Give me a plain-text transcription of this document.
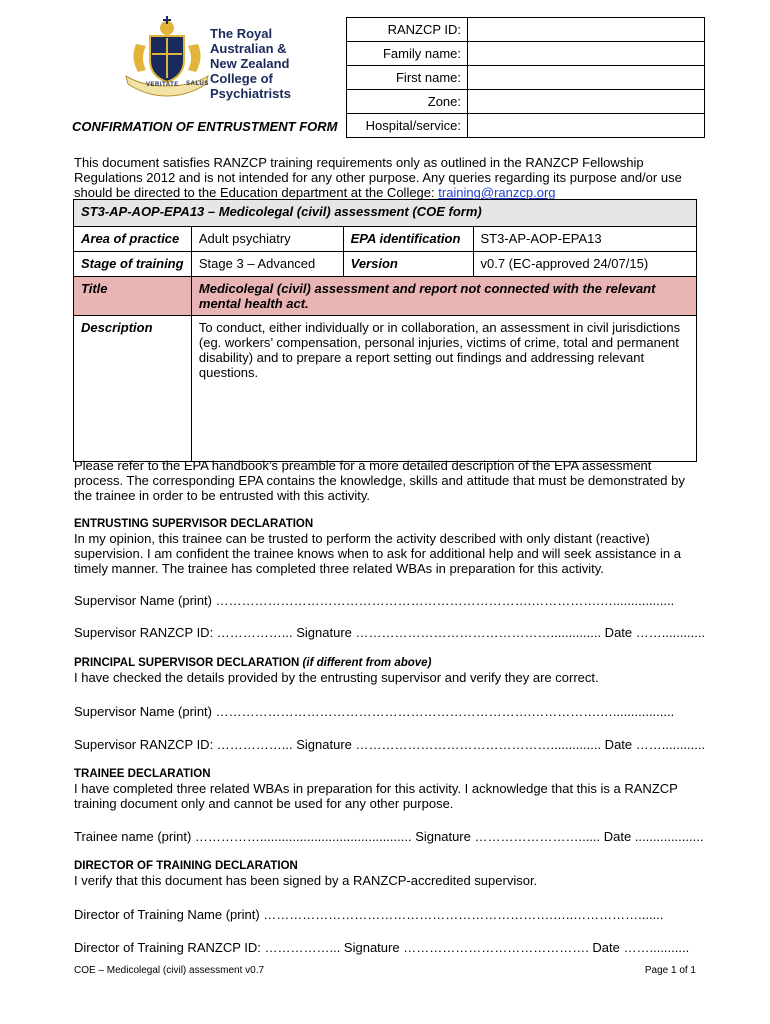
VERITATE SALUS
The Royal
Australian &
New Zealand
College of
Psychiatrists
RANZCP ID:	
Family name:	
First name:	
Zone:	
Hospital/service:	
CONFIRMATION OF ENTRUSTMENT FORM
This document satisfies RANZCP training requirements only as outlined in the RANZCP Fellowship Regulations 2012 and is not intended for any other purpose. Any queries regarding its purpose and/or use should be directed to the Education department at the College: training@ranzcp.org
ST3-AP-AOP-EPA13 – Medicolegal (civil) assessment (COE form)			
Area of practice	Adult psychiatry	EPA identification	ST3-AP-AOP-EPA13
Stage of training	Stage 3 – Advanced	Version	v0.7 (EC-approved 24/07/15)
Title	Medicolegal (civil) assessment and report not connected with the relevant mental health act.		
Description	To conduct, either individually or in collaboration, an assessment in civil jurisdictions (eg. workers’ compensation, personal injuries, victims of crime, total and permanent disability) and to prepare a report setting out findings and addressing relevant questions.		
Please refer to the EPA handbook’s preamble for a more detailed description of the EPA assessment process. The corresponding EPA contains the knowledge, skills and attitude that must be demonstrated by the trainee in order to be entrusted with this activity.
ENTRUSTING SUPERVISOR DECLARATION
In my opinion, this trainee can be trusted to perform the activity described with only distant (reactive) supervision. I am confident the trainee knows when to ask for additional help and will seek assistance in a timely manner. The trainee has completed three related WBAs in preparation for this activity.
Supervisor Name (print) ……………………………………………………………….…………….….................
Supervisor RANZCP ID: ……………... Signature ……………………………………….............. Date ……............
PRINCIPAL SUPERVISOR DECLARATION (if different from above)
I have checked the details provided by the entrusting supervisor and verify they are correct.
Supervisor Name (print) ……………………………………………………………….…………….….................
Supervisor RANZCP ID: ……………... Signature ……………………………………….............. Date ……............
TRAINEE DECLARATION
I have completed three related WBAs in preparation for this activity. I acknowledge that this is a RANZCP training document only and cannot be used for any other purpose.
Trainee name (print) …………….......................................... Signature ……………………...... Date ...................
DIRECTOR OF TRAINING DECLARATION
I verify that this document has been signed by a RANZCP-accredited supervisor.
Director of Training Name (print) ………………………………………………………….…..…………….......
Director of Training RANZCP ID: ……………... Signature ……………………………………. Date ……...........
COE – Medicolegal (civil) assessment v0.7	Page 1 of 1
